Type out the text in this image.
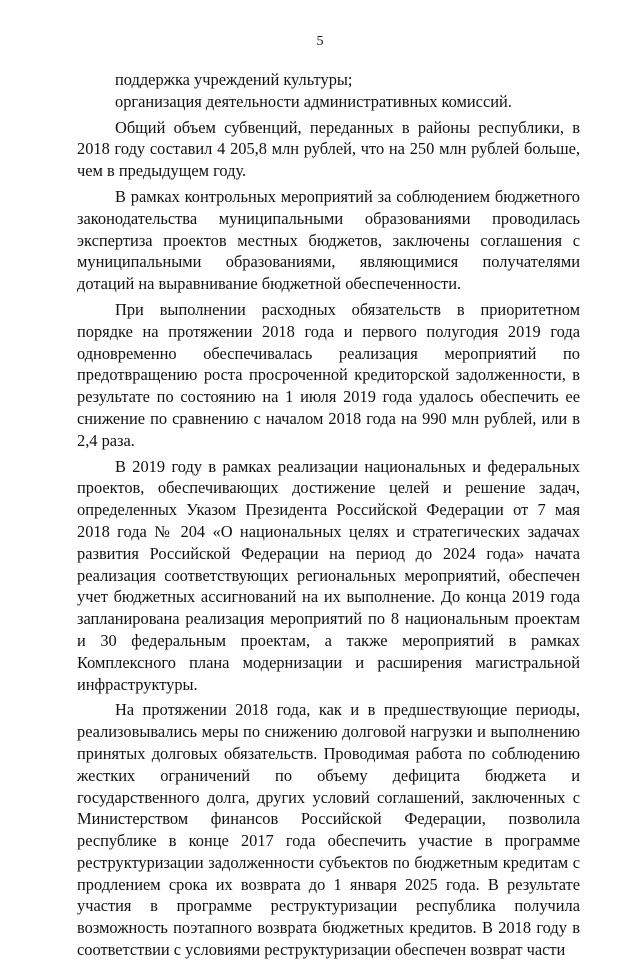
5

поддержка учреждений культуры;

организация деятельности административных комиссий.

Общий объем субвенций, переданных в районы республики, в 2018 году составил 4 205,8 млн рублей, что на 250 млн рублей больше, чем в предыдущем году.

В рамках контрольных мероприятий за соблюдением бюджетного законодательства муниципальными образованиями проводилась экспертиза проектов местных бюджетов, заключены соглашения с муниципальными образованиями, являющимися получателями дотаций на выравнивание бюджетной обеспеченности.

При выполнении расходных обязательств в приоритетном порядке на протяжении 2018 года и первого полугодия 2019 года одновременно обеспечивалась реализация мероприятий по предотвращению роста просроченной кредиторской задолженности, в результате по состоянию на 1 июля 2019 года удалось обеспечить ее снижение по сравнению с началом 2018 года на 990 млн рублей, или в 2,4 раза.

В 2019 году в рамках реализации национальных и федеральных проектов, обеспечивающих достижение целей и решение задач, определенных Указом Президента Российской Федерации от 7 мая 2018 года № 204 «О национальных целях и стратегических задачах развития Российской Федерации на период до 2024 года» начата реализация соответствующих региональных мероприятий, обеспечен учет бюджетных ассигнований на их выполнение. До конца 2019 года запланирована реализация мероприятий по 8 национальным проектам и 30 федеральным проектам, а также мероприятий в рамках Комплексного плана модернизации и расширения магистральной инфраструктуры.

На протяжении 2018 года, как и в предшествующие периоды, реализовывались меры по снижению долговой нагрузки и выполнению принятых долговых обязательств. Проводимая работа по соблюдению жестких ограничений по объему дефицита бюджета и государственного долга, других условий соглашений, заключенных с Министерством финансов Российской Федерации, позволила республике в конце 2017 года обеспечить участие в программе реструктуризации задолженности субъектов по бюджетным кредитам с продлением срока их возврата до 1 января 2025 года. В результате участия в программе реструктуризации республика получила возможность поэтапного возврата бюджетных кредитов. В 2018 году в соответствии с условиями реструктуризации обеспечен возврат части
